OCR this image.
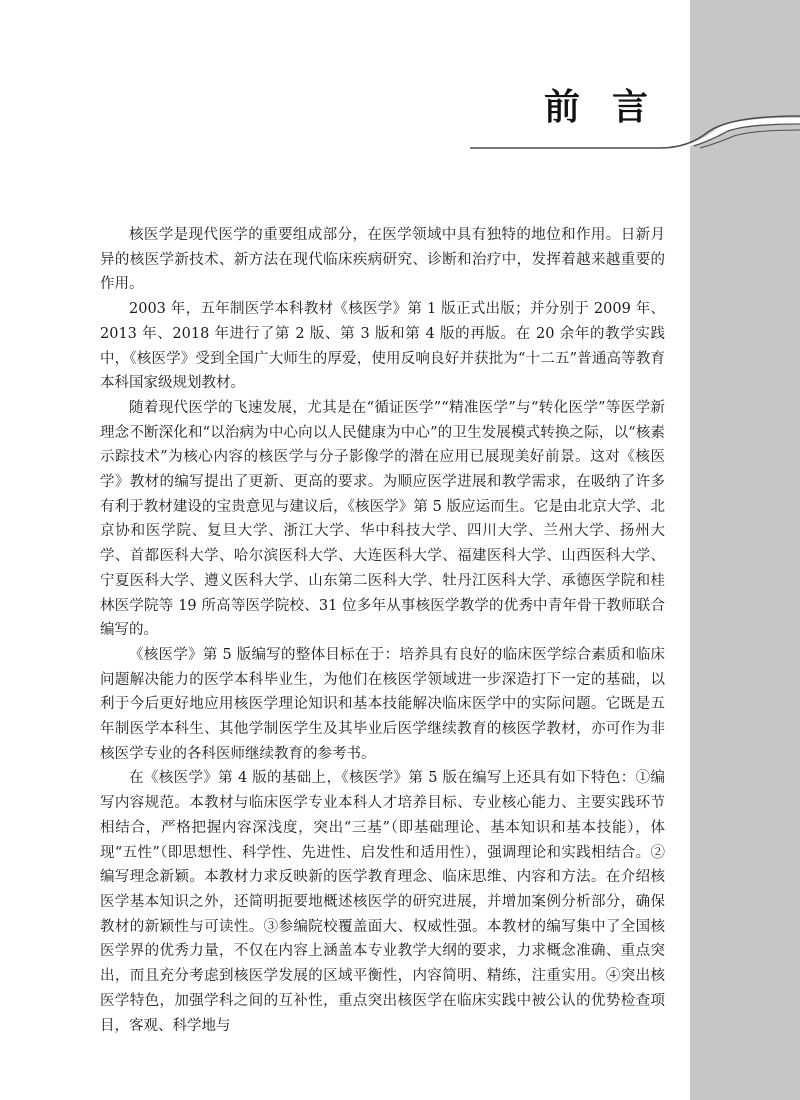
前言

核医学是现代医学的重要组成部分，在医学领域中具有独特的地位和作用。日新月异的核医学新技术、新方法在现代临床疾病研究、诊断和治疗中，发挥着越来越重要的作用。

2003 年，五年制医学本科教材《核医学》第 1 版正式出版；并分别于 2009 年、2013 年、2018 年进行了第 2 版、第 3 版和第 4 版的再版。在 20 余年的教学实践中，《核医学》受到全国广大师生的厚爱，使用反响良好并获批为“十二五”普通高等教育本科国家级规划教材。

随着现代医学的飞速发展，尤其是在“循证医学”“精准医学”与“转化医学”等医学新理念不断深化和“以治病为中心向以人民健康为中心”的卫生发展模式转换之际，以“核素示踪技术”为核心内容的核医学与分子影像学的潜在应用已展现美好前景。这对《核医学》教材的编写提出了更新、更高的要求。为顺应医学进展和教学需求，在吸纳了许多有利于教材建设的宝贵意见与建议后，《核医学》第 5 版应运而生。它是由北京大学、北京协和医学院、复旦大学、浙江大学、华中科技大学、四川大学、兰州大学、扬州大学、首都医科大学、哈尔滨医科大学、大连医科大学、福建医科大学、山西医科大学、宁夏医科大学、遵义医科大学、山东第二医科大学、牡丹江医科大学、承德医学院和桂林医学院等 19 所高等医学院校、31 位多年从事核医学教学的优秀中青年骨干教师联合编写的。

《核医学》第 5 版编写的整体目标在于：培养具有良好的临床医学综合素质和临床问题解决能力的医学本科毕业生，为他们在核医学领域进一步深造打下一定的基础，以利于今后更好地应用核医学理论知识和基本技能解决临床医学中的实际问题。它既是五年制医学本科生、其他学制医学生及其毕业后医学继续教育的核医学教材，亦可作为非核医学专业的各科医师继续教育的参考书。

在《核医学》第 4 版的基础上，《核医学》第 5 版在编写上还具有如下特色：①编写内容规范。本教材与临床医学专业本科人才培养目标、专业核心能力、主要实践环节相结合，严格把握内容深浅度，突出“三基”（即基础理论、基本知识和基本技能），体现“五性”（即思想性、科学性、先进性、启发性和适用性），强调理论和实践相结合。②编写理念新颖。本教材力求反映新的医学教育理念、临床思维、内容和方法。在介绍核医学基本知识之外，还简明扼要地概述核医学的研究进展，并增加案例分析部分，确保教材的新颖性与可读性。③参编院校覆盖面大、权威性强。本教材的编写集中了全国核医学界的优秀力量，不仅在内容上涵盖本专业教学大纲的要求，力求概念准确、重点突出，而且充分考虑到核医学发展的区域平衡性，内容简明、精练，注重实用。④突出核医学特色，加强学科之间的互补性，重点突出核医学在临床实践中被公认的优势检查项目，客观、科学地与
